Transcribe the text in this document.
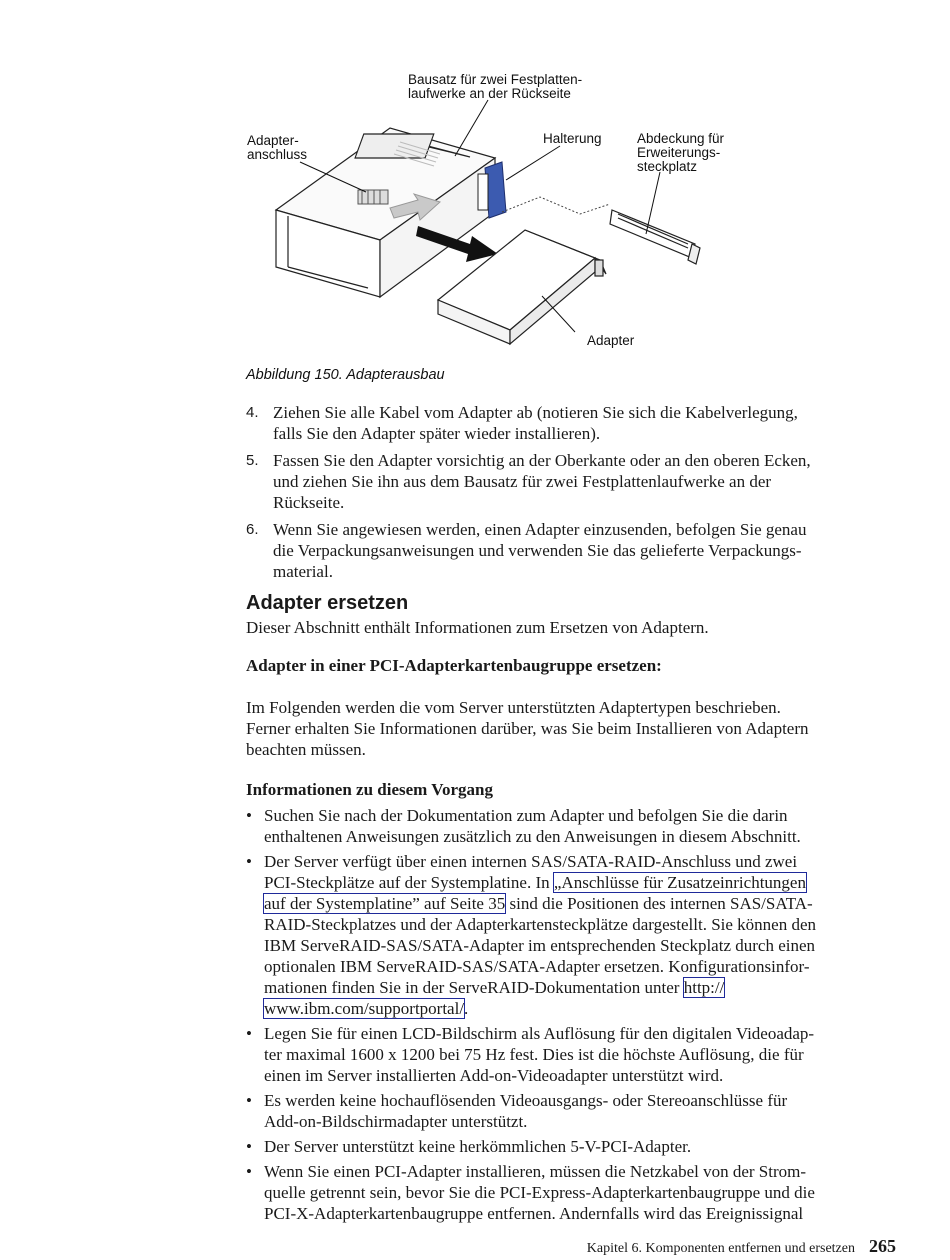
Bausatz für zwei Festplatten-
laufwerke an der Rückseite
Adapter-
anschluss
Halterung	Abdeckung für
Erweiterungs-
steckplatz
Adapter
Abbildung 150. Adapterausbau
4. Ziehen Sie alle Kabel vom Adapter ab (notieren Sie sich die Kabelverlegung,
falls Sie den Adapter später wieder installieren).
5. Fassen Sie den Adapter vorsichtig an der Oberkante oder an den oberen Ecken,
und ziehen Sie ihn aus dem Bausatz für zwei Festplattenlaufwerke an der
Rückseite.
6. Wenn Sie angewiesen werden, einen Adapter einzusenden, befolgen Sie genau
die Verpackungsanweisungen und verwenden Sie das gelieferte Verpackungs-
material.
Adapter ersetzen
Dieser Abschnitt enthält Informationen zum Ersetzen von Adaptern.
Adapter in einer PCI-Adapterkartenbaugruppe ersetzen:
Im Folgenden werden die vom Server unterstützten Adaptertypen beschrieben.
Ferner erhalten Sie Informationen darüber, was Sie beim Installieren von Adaptern
beachten müssen.
Informationen zu diesem Vorgang
• Suchen Sie nach der Dokumentation zum Adapter und befolgen Sie die darin
enthaltenen Anweisungen zusätzlich zu den Anweisungen in diesem Abschnitt.
• Der Server verfügt über einen internen SAS/SATA-RAID-Anschluss und zwei
PCI-Steckplätze auf der Systemplatine. In „Anschlüsse für Zusatzeinrichtungen
auf der Systemplatine” auf Seite 35 sind die Positionen des internen SAS/SATA-
RAID-Steckplatzes und der Adapterkartensteckplätze dargestellt. Sie können den
IBM ServeRAID-SAS/SATA-Adapter im entsprechenden Steckplatz durch einen
optionalen IBM ServeRAID-SAS/SATA-Adapter ersetzen. Konfigurationsinfor-
mationen finden Sie in der ServeRAID-Dokumentation unter http://
www.ibm.com/supportportal/.
• Legen Sie für einen LCD-Bildschirm als Auflösung für den digitalen Videoadap-
ter maximal 1600 x 1200 bei 75 Hz fest. Dies ist die höchste Auflösung, die für
einen im Server installierten Add-on-Videoadapter unterstützt wird.
• Es werden keine hochauflösenden Videoausgangs- oder Stereoanschlüsse für
Add-on-Bildschirmadapter unterstützt.
• Der Server unterstützt keine herkömmlichen 5-V-PCI-Adapter.
• Wenn Sie einen PCI-Adapter installieren, müssen die Netzkabel von der Strom-
quelle getrennt sein, bevor Sie die PCI-Express-Adapterkartenbaugruppe und die
PCI-X-Adapterkartenbaugruppe entfernen. Andernfalls wird das Ereignissignal
Kapitel 6. Komponenten entfernen und ersetzen 265
